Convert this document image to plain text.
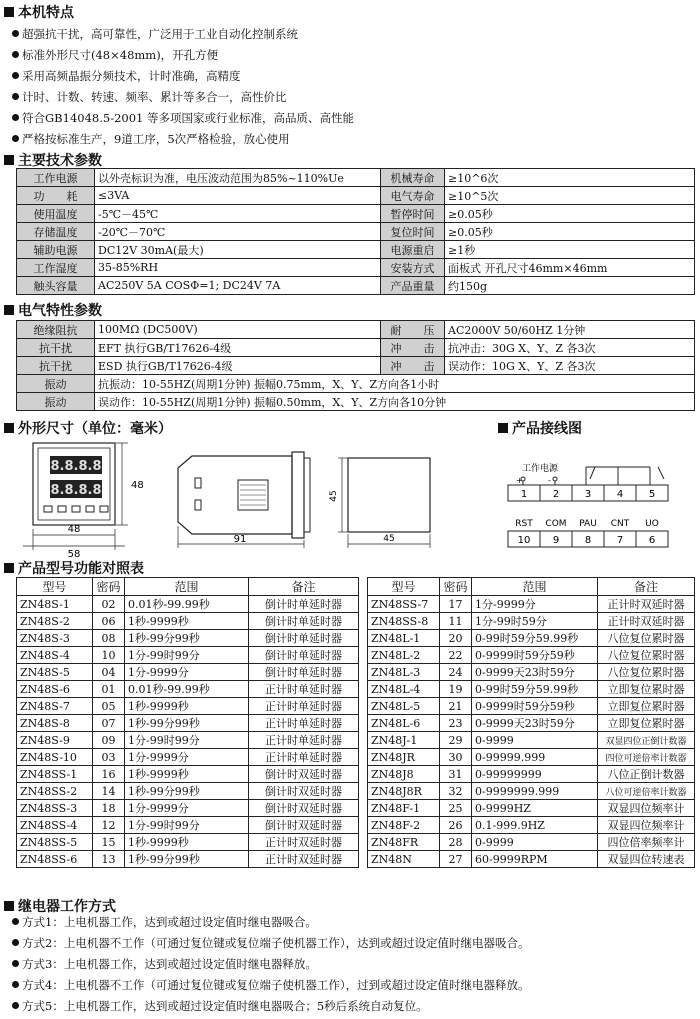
本机特点
超强抗干扰，高可靠性，广泛用于工业自动化控制系统
标准外形尺寸(48×48mm)，开孔方便
采用高频晶振分频技术，计时准确，高精度
计时、计数、转速、频率、累计等多合一，高性价比
符合GB14048.5-2001 等多项国家或行业标准，高品质、高性能
严格按标准生产，9道工序，5次严格检验，放心使用
主要技术参数
工作电源	以外壳标识为准，电压波动范围为85%~110%Ue	机械寿命	≥10^6次
功　　耗	≤3VA	电气寿命	≥10^5次
使用温度	-5℃－45℃	暂停时间	≥0.05秒
存储温度	-20℃－70℃	复位时间	≥0.05秒
辅助电源	DC12V 30mA(最大)	电源重启	≥1秒
工作湿度	35-85%RH	安装方式	面板式 开孔尺寸46mm×46mm
触头容量	AC250V 5A COSΦ=1; DC24V 7A	产品重量	约150g
电气特性参数
绝缘阻抗	100MΩ (DC500V)	耐　　压	AC2000V 50/60HZ 1分钟
抗干扰	EFT 执行GB/T17626-4级	冲　　击	抗冲击：30G X、Y、Z 各3次
抗干扰	ESD 执行GB/T17626-4级	冲　　击	误动作：10G X、Y、Z 各3次
振动	抗振动：10-55HZ(周期1分钟) 振幅0.75mm，X、Y、Z方向各1小时		
振动	误动作：10-55HZ(周期1分钟) 振幅0.50mm，X、Y、Z方向各10分钟		
外形尺寸（单位：毫米）
8.8.8.8
8.8.8.8
48
58
48
91
45
45
产品接线图
工作电源
+	-
1	2	3	4	5
RST COM PAU CNT UO
10 9	8	7	6
产品型号功能对照表
型号	密码	范围	备注
ZN48S-1	02	0.01秒-99.99秒	倒计时单延时器
ZN48S-2	06	1秒-9999秒	倒计时单延时器
ZN48S-3	08	1秒-99分99秒	倒计时单延时器
ZN48S-4	10	1分-99时99分	倒计时单延时器
ZN48S-5	04	1分-9999分	倒计时单延时器
ZN48S-6	01	0.01秒-99.99秒	正计时单延时器
ZN48S-7	05	1秒-9999秒	正计时单延时器
ZN48S-8	07	1秒-99分99秒	正计时单延时器
ZN48S-9	09	1分-99时99分	正计时单延时器
ZN48S-10	03	1分-9999分	正计时单延时器
ZN48SS-1	16	1秒-9999秒	倒计时双延时器
ZN48SS-2	14	1秒-99分99秒	倒计时双延时器
ZN48SS-3	18	1分-9999分	倒计时双延时器
ZN48SS-4	12	1分-99时99分	倒计时双延时器
ZN48SS-5	15	1秒-9999秒	正计时双延时器
ZN48SS-6	13	1秒-99分99秒	正计时双延时器
型号	密码	范围	备注
ZN48SS-7	17	1分-9999分	正计时双延时器
ZN48SS-8	11	1分-99时59分	正计时双延时器
ZN48L-1	20	0-99时59分59.99秒	八位复位累时器
ZN48L-2	22	0-9999时59分59秒	八位复位累时器
ZN48L-3	24	0-9999天23时59分	八位复位累时器
ZN48L-4	19	0-99时59分59.99秒	立即复位累时器
ZN48L-5	21	0-9999时59分59秒	立即复位累时器
ZN48L-6	23	0-9999天23时59分	立即复位累时器
ZN48J-1	29	0-9999	双显四位正倒计数器
ZN48JR	30	0-99999.999	四位可逆倍率计数器
ZN48J8	31	0-99999999	八位正倒计数器
ZN48J8R	32	0-9999999.999	八位可逆倍率计数器
ZN48F-1	25	0-9999HZ	双显四位频率计
ZN48F-2	26	0.1-999.9HZ	双显四位频率计
ZN48FR	28	0-9999	四位倍率频率计
ZN48N	27	60-9999RPM	双显四位转速表
继电器工作方式
方式1：上电机器工作，达到或超过设定值时继电器吸合。
方式2：上电机器不工作（可通过复位键或复位端子使机器工作），达到或超过设定值时继电器吸合。
方式3：上电机器工作，达到或超过设定值时继电器释放。
方式4：上电机器不工作（可通过复位键或复位端子使机器工作），过到或超过设定值时继电器释放。
方式5：上电机器工作，达到或超过设定值时继电器吸合；5秒后系统自动复位。
